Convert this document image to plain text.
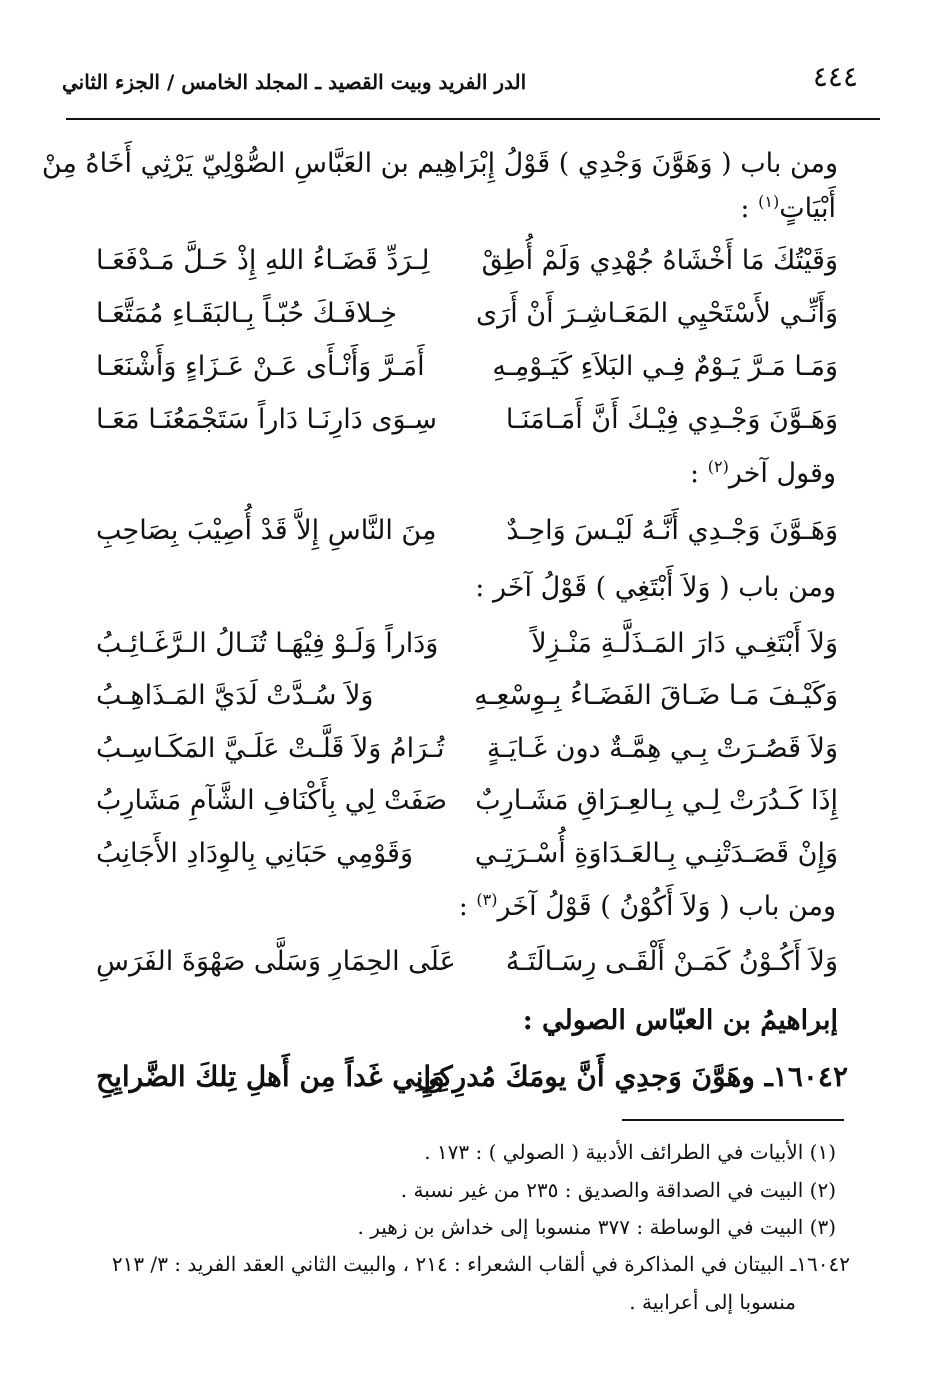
٤٤٤
الدر الفريد وبيت القصيد ـ المجلد الخامس / الجزء الثاني
ومن باب ( وَهَوَّنَ وَجْدِي ) قَوْلُ إِبْرَاهِيم بن العَبَّاسِ الصُّوْلِيّ يَرْثِي أَخَاهُ مِنْ
أَبْيَاتٍ$^{(١)}$ :
وَقَيْتُكَ مَا أَخْشَاهُ جُهْدِي وَلَمْ أُطِقْ
لِـرَدِّ قَضَـاءُ اللهِ إِذْ حَـلَّ مَـدْفَعَـا
وَأَنِّـي لأَسْتَحْيِي المَعَـاشِـرَ أَنْ أَرَى
خِـلافَـكَ حُبّـاً بِـالبَقَـاءِ مُمَتَّعَـا
وَمَـا مَـرَّ يَـوْمٌ فِـي البَلاَءِ كَيَـوْمِـهِ
أَمَـرَّ وَأَنْـأَى عَـنْ عَـزَاءٍ وَأَشْنَعَـا
وَهَـوَّنَ وَجْـدِي فِيْـكَ أَنَّ أَمَـامَنَـا
سِـوَى دَارِنَـا دَاراً سَتَجْمَعُنَـا مَعَـا
وقول آخر$^{(٢)}$ :
وَهَـوَّنَ وَجْـدِي أَنَّـهُ لَيْـسَ وَاحِـدٌ
مِنَ النَّاسِ إِلاَّ قَدْ أُصِيْبَ بِصَاحِبِ
ومن باب ( وَلاَ أَبْتَغِي ) قَوْلُ آخَر :
وَلاَ أَبْتَغِـي دَارَ المَـذَلَّـةِ مَنْـزِلاً
وَدَاراً وَلَـوْ فِيْهَـا تُنَـالُ الـرَّغَـائِـبُ
وَكَيْـفَ مَـا ضَـاقَ الفَضَـاءُ بِـوِسْعِـهِ
وَلاَ سُـدَّتْ لَدَيَّ المَـذَاهِـبُ
وَلاَ قَصُـرَتْ بِـي هِمَّـةٌ دون غَـايَـةٍ
تُـرَامُ وَلاَ قَلَّـتْ عَلَـيَّ المَكَـاسِـبُ
إِذَا كَـدُرَتْ لِـي بِـالعِـرَاقِ مَشَـارِبٌ
صَفَتْ لِي بِأَكْنَافِ الشَّآمِ مَشَارِبُ
وَإِنْ قَصَـدَتْنِـي بِـالعَـدَاوَةِ أُسْـرَتِـي
وَقَوْمِي حَبَانِي بِالوِدَادِ الأَجَانِبُ
ومن باب ( وَلاَ أَكُوْنُ ) قَوْلُ آخَر$^{(٣)}$ :
وَلاَ أَكُـوْنُ كَمَـنْ أَلْقَـى رِسَـالَتَـهُ
عَلَى الحِمَارِ وَسَلَّى صَهْوَةَ الفَرَسِ
إبراهيمُ بن العبّاس الصولي :
١٦٠٤٢ـ وهَوَّنَ وَجدِي أَنَّ يومَكَ مُدرِكِي
وَإِنِي غَداً مِن أَهلِ تِلكَ الضَّرايِحِ
(١) الأبيات في الطرائف الأدبية ( الصولي ) : ١٧٣ .
(٢) البيت في الصداقة والصديق : ٢٣٥ من غير نسبة .
(٣) البيت في الوساطة : ٣٧٧ منسوبا إلى خداش بن زهير .
١٦٠٤٢ـ البيتان في المذاكرة في ألقاب الشعراء : ٢١٤ ، والبيت الثاني العقد الفريد : ٣/ ٢١٣
منسوبا إلى أعرابية .
